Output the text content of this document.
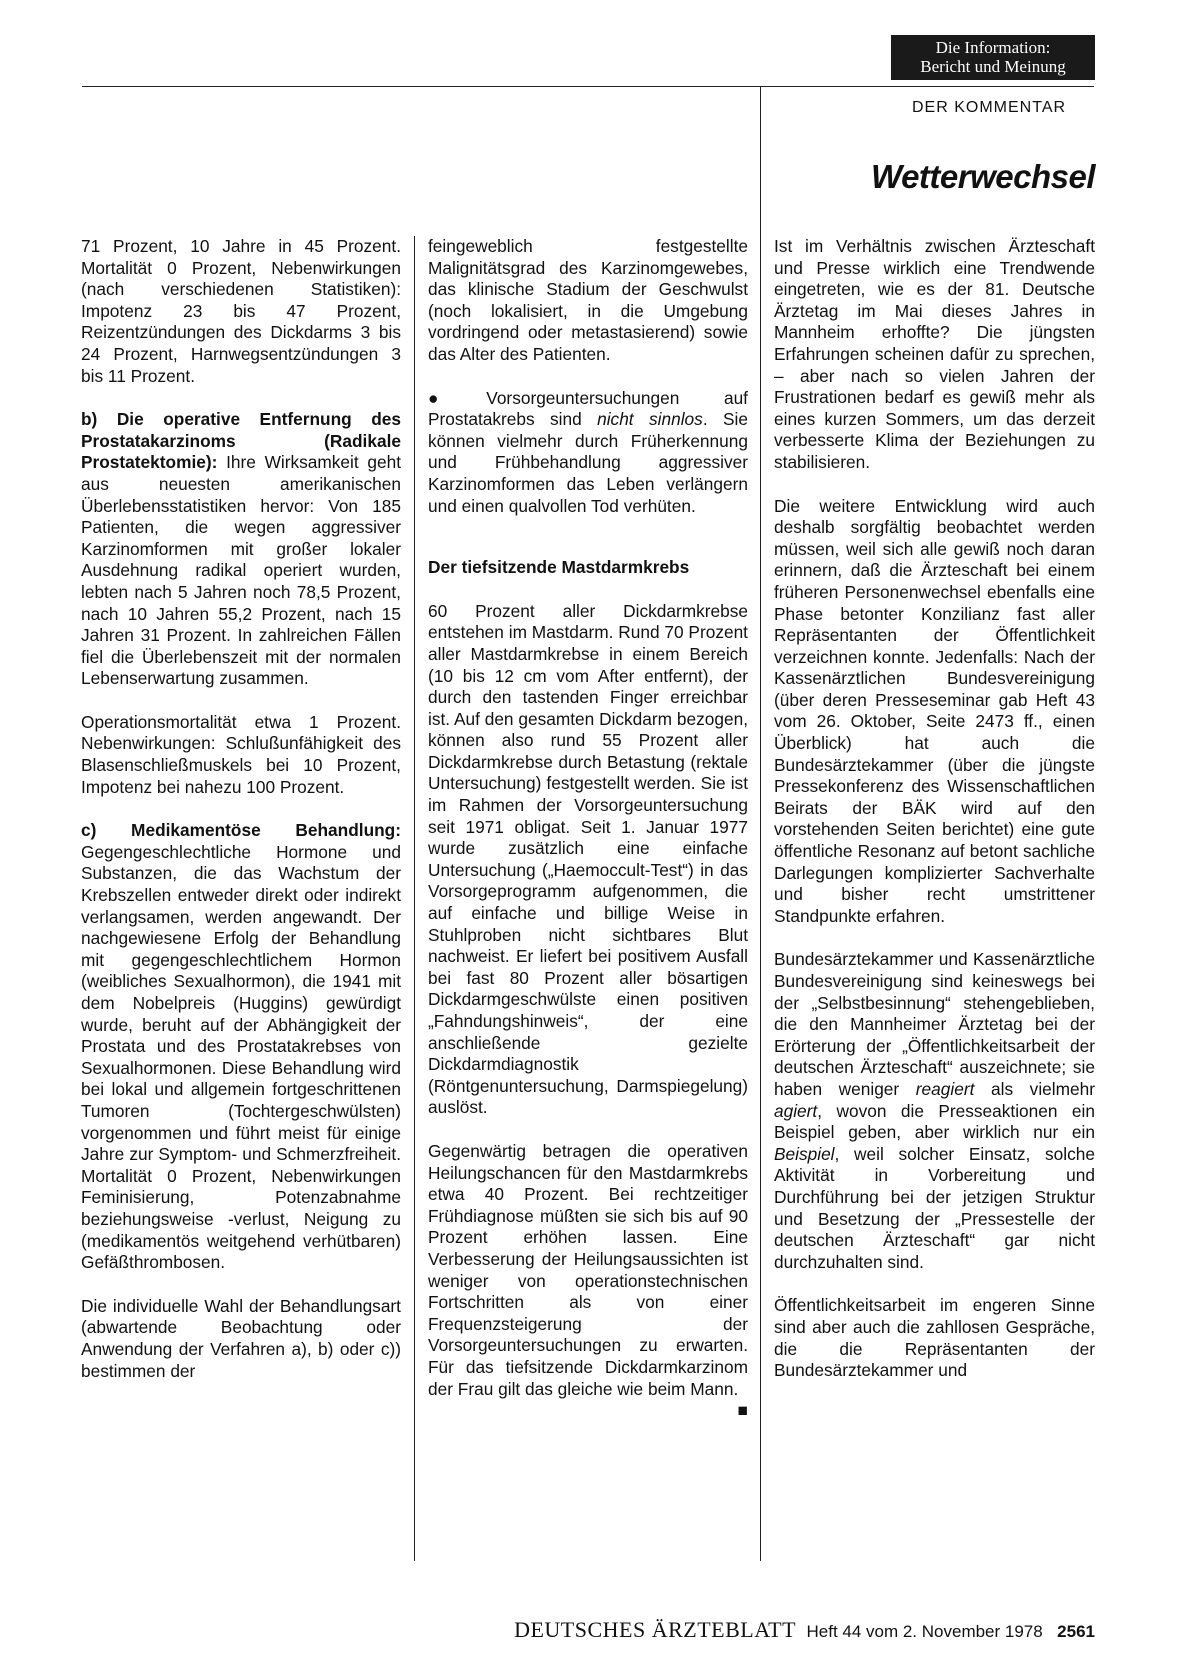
Die Information:
Bericht und Meinung
DER KOMMENTAR
Wetterwechsel

71 Prozent, 10 Jahre in 45 Prozent. Mortalität 0 Prozent, Nebenwirkungen (nach verschiedenen Statistiken): Impotenz 23 bis 47 Prozent, Reizentzündungen des Dickdarms 3 bis 24 Prozent, Harnwegsentzündungen 3 bis 11 Prozent.

b) Die operative Entfernung des Prostatakarzinoms (Radikale Prostatektomie): Ihre Wirksamkeit geht aus neuesten amerikanischen Überlebensstatistiken hervor: Von 185 Patienten, die wegen aggressiver Karzinomformen mit großer lokaler Ausdehnung radikal operiert wurden, lebten nach 5 Jahren noch 78,5 Prozent, nach 10 Jahren 55,2 Prozent, nach 15 Jahren 31 Prozent. In zahlreichen Fällen fiel die Überlebenszeit mit der normalen Lebenserwartung zusammen.

Operationsmortalität etwa 1 Prozent. Nebenwirkungen: Schlußunfähigkeit des Blasenschließmuskels bei 10 Prozent, Impotenz bei nahezu 100 Prozent.

c) Medikamentöse Behandlung: Gegengeschlechtliche Hormone und Substanzen, die das Wachstum der Krebszellen entweder direkt oder indirekt verlangsamen, werden angewandt. Der nachgewiesene Erfolg der Behandlung mit gegengeschlechtlichem Hormon (weibliches Sexualhormon), die 1941 mit dem Nobelpreis (Huggins) gewürdigt wurde, beruht auf der Abhängigkeit der Prostata und des Prostatakrebses von Sexualhormonen. Diese Behandlung wird bei lokal und allgemein fortgeschrittenen Tumoren (Tochtergeschwülsten) vorgenommen und führt meist für einige Jahre zur Symptom- und Schmerzfreiheit. Mortalität 0 Prozent, Nebenwirkungen Feminisierung, Potenzabnahme beziehungsweise -verlust, Neigung zu (medikamentös weitgehend verhütbaren) Gefäßthrombosen.

Die individuelle Wahl der Behandlungsart (abwartende Beobachtung oder Anwendung der Verfahren a), b) oder c)) bestimmen der

feingeweblich festgestellte Malignitätsgrad des Karzinomgewebes, das klinische Stadium der Geschwulst (noch lokalisiert, in die Umgebung vordringend oder metastasierend) sowie das Alter des Patienten.

● Vorsorgeuntersuchungen auf Prostatakrebs sind nicht sinnlos. Sie können vielmehr durch Früherkennung und Frühbehandlung aggressiver Karzinomformen das Leben verlängern und einen qualvollen Tod verhüten.

Der tiefsitzende Mastdarmkrebs

60 Prozent aller Dickdarmkrebse entstehen im Mastdarm. Rund 70 Prozent aller Mastdarmkrebse in einem Bereich (10 bis 12 cm vom After entfernt), der durch den tastenden Finger erreichbar ist. Auf den gesamten Dickdarm bezogen, können also rund 55 Prozent aller Dickdarmkrebse durch Betastung (rektale Untersuchung) festgestellt werden. Sie ist im Rahmen der Vorsorgeuntersuchung seit 1971 obligat. Seit 1. Januar 1977 wurde zusätzlich eine einfache Untersuchung („Haemoccult-Test“) in das Vorsorgeprogramm aufgenommen, die auf einfache und billige Weise in Stuhlproben nicht sichtbares Blut nachweist. Er liefert bei positivem Ausfall bei fast 80 Prozent aller bösartigen Dickdarmgeschwülste einen positiven „Fahndungshinweis“, der eine anschließende gezielte Dickdarmdiagnostik (Röntgenuntersuchung, Darmspiegelung) auslöst.

Gegenwärtig betragen die operativen Heilungschancen für den Mastdarmkrebs etwa 40 Prozent. Bei rechtzeitiger Frühdiagnose müßten sie sich bis auf 90 Prozent erhöhen lassen. Eine Verbesserung der Heilungsaussichten ist weniger von operationstechnischen Fortschritten als von einer Frequenzsteigerung der Vorsorgeuntersuchungen zu erwarten. Für das tiefsitzende Dickdarmkarzinom der Frau gilt das gleiche wie beim Mann.
■

Ist im Verhältnis zwischen Ärzteschaft und Presse wirklich eine Trendwende eingetreten, wie es der 81. Deutsche Ärztetag im Mai dieses Jahres in Mannheim erhoffte? Die jüngsten Erfahrungen scheinen dafür zu sprechen, – aber nach so vielen Jahren der Frustrationen bedarf es gewiß mehr als eines kurzen Sommers, um das derzeit verbesserte Klima der Beziehungen zu stabilisieren.

Die weitere Entwicklung wird auch deshalb sorgfältig beobachtet werden müssen, weil sich alle gewiß noch daran erinnern, daß die Ärzteschaft bei einem früheren Personenwechsel ebenfalls eine Phase betonter Konzilianz fast aller Repräsentanten der Öffentlichkeit verzeichnen konnte. Jedenfalls: Nach der Kassenärztlichen Bundesvereinigung (über deren Presseseminar gab Heft 43 vom 26. Oktober, Seite 2473 ff., einen Überblick) hat auch die Bundesärztekammer (über die jüngste Pressekonferenz des Wissenschaftlichen Beirats der BÄK wird auf den vorstehenden Seiten berichtet) eine gute öffentliche Resonanz auf betont sachliche Darlegungen komplizierter Sachverhalte und bisher recht umstrittener Standpunkte erfahren.

Bundesärztekammer und Kassenärztliche Bundesvereinigung sind keineswegs bei der „Selbstbesinnung“ stehengeblieben, die den Mannheimer Ärztetag bei der Erörterung der „Öffentlichkeitsarbeit der deutschen Ärzteschaft“ auszeichnete; sie haben weniger reagiert als vielmehr agiert, wovon die Presseaktionen ein Beispiel geben, aber wirklich nur ein Beispiel, weil solcher Einsatz, solche Aktivität in Vorbereitung und Durchführung bei der jetzigen Struktur und Besetzung der „Pressestelle der deutschen Ärzteschaft“ gar nicht durchzuhalten sind.

Öffentlichkeitsarbeit im engeren Sinne sind aber auch die zahllosen Gespräche, die die Repräsentanten der Bundesärztekammer und

DEUTSCHES ÄRZTEBLATT Heft 44 vom 2. November 1978 2561
